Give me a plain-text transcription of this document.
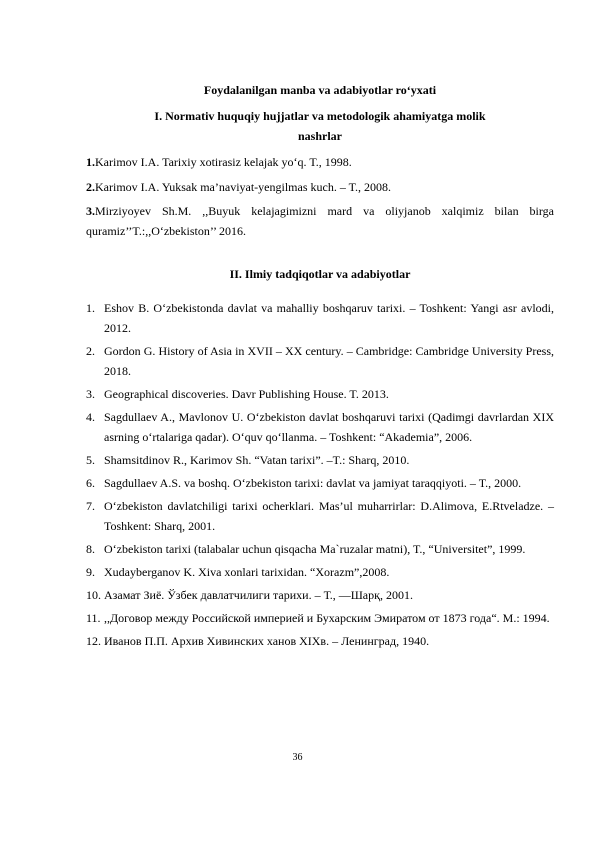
Foydalanilgan manba va adabiyotlar ro‘yxati
I. Normativ huquqiy hujjatlar va metodologik ahamiyatga molik
nashrlar
1.Karimov I.A. Tarixiy xotirasiz kelajak yo‘q. T., 1998.
2.Karimov I.A. Yuksak ma’naviyat-yengilmas kuch. – T., 2008.
3.Mirziyoyev Sh.M. ,,Buyuk kelajagimizni mard va oliyjanob xalqimiz bilan birga quramiz’’T.:,,O‘zbekiston’’ 2016.
II. Ilmiy tadqiqotlar va adabiyotlar
1. Eshov B. O‘zbekistonda davlat va mahalliy boshqaruv tarixi. – Toshkent: Yangi asr avlodi, 2012.
2. Gordon G. History of Asia in XVII – XX century. – Cambridge: Cambridge University Press, 2018.
3. Geographical discoveries. Davr Publishing House. T. 2013.
4. Sagdullaev A., Mavlonov U. O‘zbekiston davlat boshqaruvi tarixi (Qadimgi davrlardan XIX asrning o‘rtalariga qadar). O‘quv qo‘llanma. – Toshkent: “Akademia”, 2006.
5. Shamsitdinov R., Karimov Sh. “Vatan tarixi”. –T.: Sharq, 2010.
6. Sagdullaev A.S. va boshq. O‘zbekiston tarixi: davlat va jamiyat taraqqiyoti. – T., 2000.
7. O‘zbekiston davlatchiligi tarixi ocherklari. Mas’ul muharrirlar: D.Alimova, E.Rtveladze. – Toshkent: Sharq, 2001.
8. O‘zbekiston tarixi (talabalar uchun qisqacha Ma`ruzalar matni), T., “Universitet”, 1999.
9. Xudayberganov K. Xiva xonlari tarixidan. “Xorazm”,2008.
10. Азамат Зиё. Ўзбек давлатчилиги тарихи. – Т., ―Шарқ, 2001.
11. ,,Договор между Российской империей и Бухарским Эмиратом от 1873 года“. М.: 1994.
12. Иванов П.П. Архив Хивинских ханов XIXв. – Ленинград, 1940.
36
